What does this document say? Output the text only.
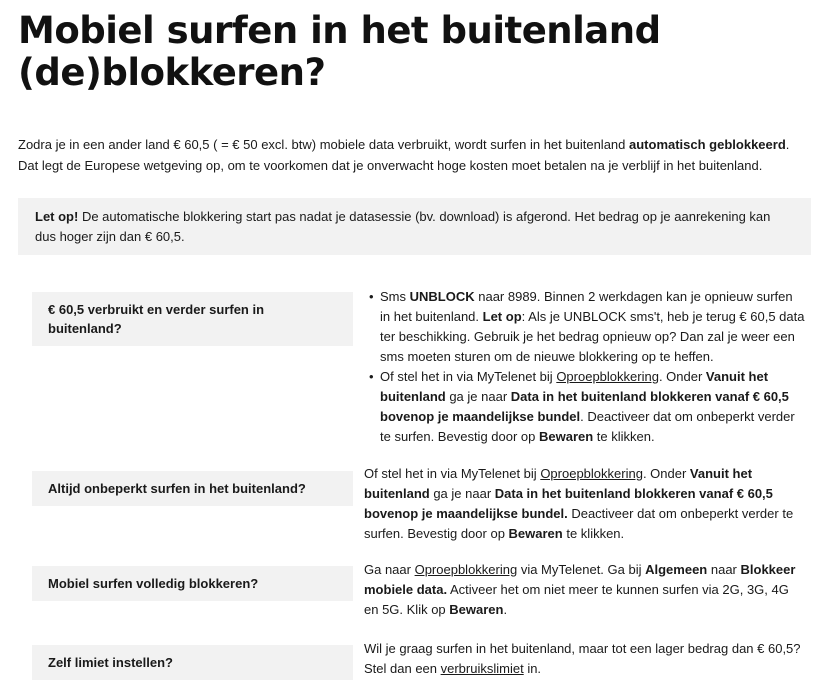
Mobiel surfen in het buitenland
(de)blokkeren?

Zodra je in een ander land € 60,5 ( = € 50 excl. btw) mobiele data verbruikt, wordt surfen in het buitenland automatisch geblokkeerd. Dat legt de Europese wetgeving op, om te voorkomen dat je onverwacht hoge kosten moet betalen na je verblijf in het buitenland.

Let op! De automatische blokkering start pas nadat je datasessie (bv. download) is afgerond. Het bedrag op je aanrekening kan dus hoger zijn dan € 60,5.
€ 60,5 verbruikt en verder surfen in buitenland?
• Sms UNBLOCK naar 8989. Binnen 2 werkdagen kan je opnieuw surfen in het buitenland. Let op: Als je UNBLOCK sms't, heb je terug € 60,5 data ter beschikking. Gebruik je het bedrag opnieuw op? Dan zal je weer een sms moeten sturen om de nieuwe blokkering op te heffen.
• Of stel het in via MyTelenet bij Oproepblokkering. Onder Vanuit het buitenland ga je naar Data in het buitenland blokkeren vanaf € 60,5 bovenop je maandelijkse bundel. Deactiveer dat om onbeperkt verder te surfen. Bevestig door op Bewaren te klikken.
Altijd onbeperkt surfen in het buitenland?
Of stel het in via MyTelenet bij Oproepblokkering. Onder Vanuit het buitenland ga je naar Data in het buitenland blokkeren vanaf € 60,5 bovenop je maandelijkse bundel. Deactiveer dat om onbeperkt verder te surfen. Bevestig door op Bewaren te klikken.
Mobiel surfen volledig blokkeren?
Ga naar Oproepblokkering via MyTelenet. Ga bij Algemeen naar Blokkeer mobiele data. Activeer het om niet meer te kunnen surfen via 2G, 3G, 4G en 5G. Klik op Bewaren.
Zelf limiet instellen?
Wil je graag surfen in het buitenland, maar tot een lager bedrag dan € 60,5? Stel dan een verbruikslimiet in.
